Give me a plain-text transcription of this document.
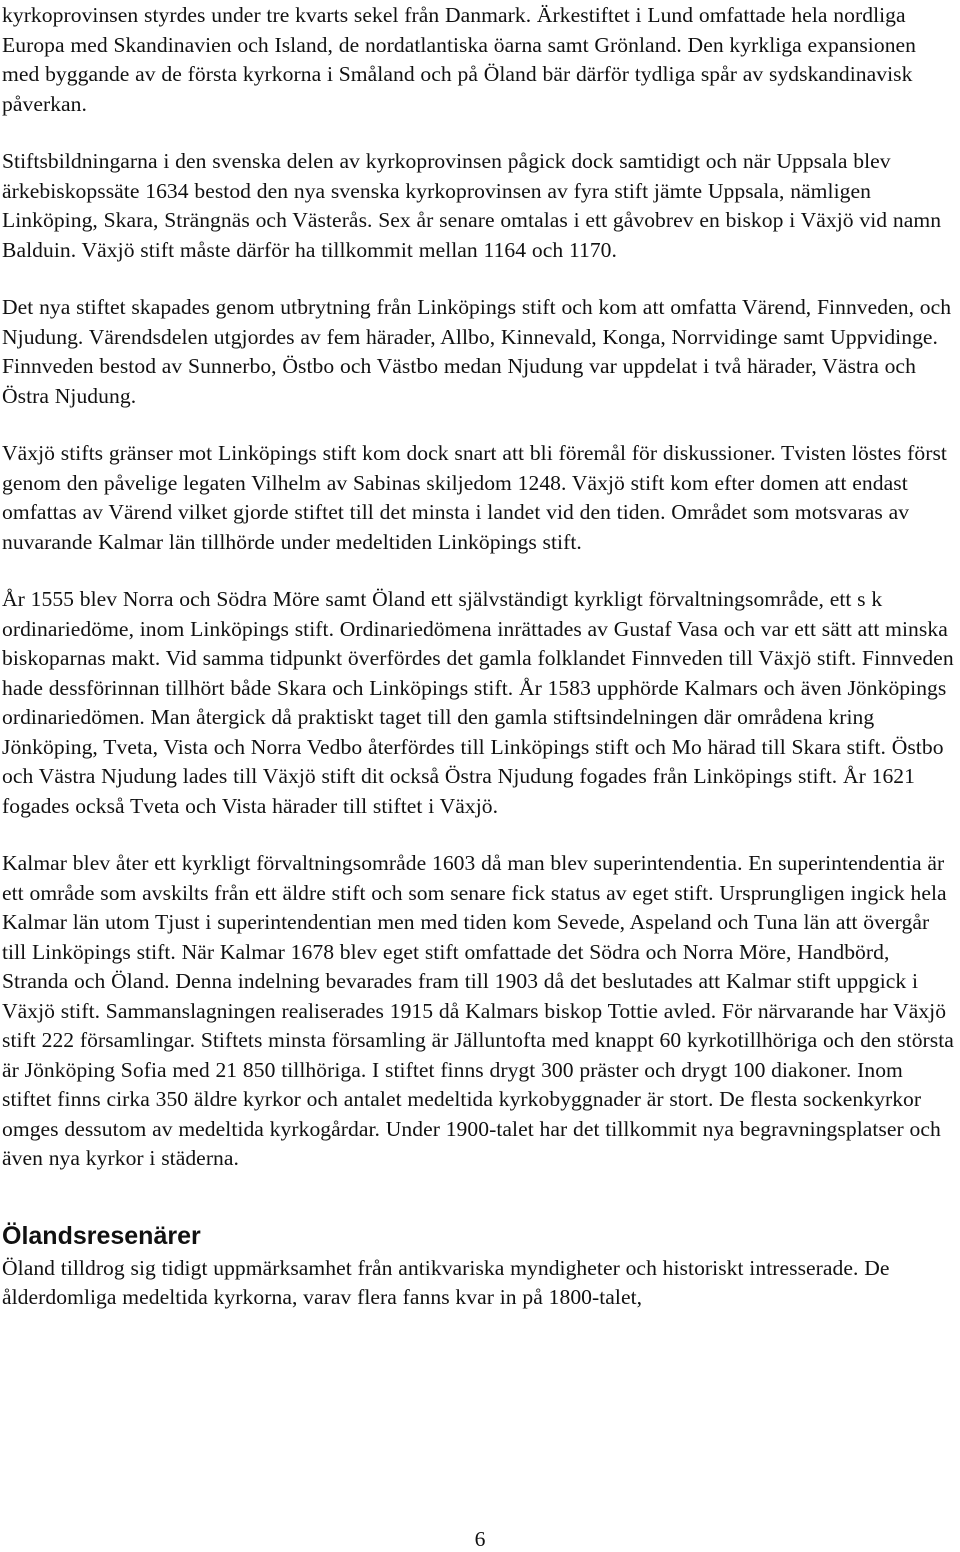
kyrkoprovinsen styrdes under tre kvarts sekel från Danmark. Ärkestiftet i Lund omfattade hela nordliga Europa med Skandinavien och Island, de nordatlantiska öarna samt Grönland. Den kyrkliga expansionen med byggande av de första kyrkorna i Småland och på Öland bär därför tydliga spår av sydskandinavisk påverkan.

Stiftsbildningarna i den svenska delen av kyrkoprovinsen pågick dock samtidigt och när Uppsala blev ärkebiskopssäte 1634 bestod den nya svenska kyrkoprovinsen av fyra stift jämte Uppsala, nämligen Linköping, Skara, Strängnäs och Västerås. Sex år senare omtalas i ett gåvobrev en biskop i Växjö vid namn Balduin. Växjö stift måste därför ha tillkommit mellan 1164 och 1170.

Det nya stiftet skapades genom utbrytning från Linköpings stift och kom att omfatta Värend, Finnveden, och Njudung. Värendsdelen utgjordes av fem härader, Allbo, Kinnevald, Konga, Norrvidinge samt Uppvidinge. Finnveden bestod av Sunnerbo, Östbo och Västbo medan Njudung var uppdelat i två härader, Västra och Östra Njudung.

Växjö stifts gränser mot Linköpings stift kom dock snart att bli föremål för diskussioner. Tvisten löstes först genom den påvelige legaten Vilhelm av Sabinas skiljedom 1248. Växjö stift kom efter domen att endast omfattas av Värend vilket gjorde stiftet till det minsta i landet vid den tiden. Området som motsvaras av nuvarande Kalmar län tillhörde under medeltiden Linköpings stift.

År 1555 blev Norra och Södra Möre samt Öland ett självständigt kyrkligt förvaltningsområde, ett s k ordinariedöme, inom Linköpings stift. Ordinariedömena inrättades av Gustaf Vasa och var ett sätt att minska biskoparnas makt. Vid samma tidpunkt överfördes det gamla folklandet Finnveden till Växjö stift. Finnveden hade dessförinnan tillhört både Skara och Linköpings stift. År 1583 upphörde Kalmars och även Jönköpings ordinariedömen. Man återgick då praktiskt taget till den gamla stiftsindelningen där områdena kring Jönköping, Tveta, Vista och Norra Vedbo återfördes till Linköpings stift och Mo härad till Skara stift. Östbo och Västra Njudung lades till Växjö stift dit också Östra Njudung fogades från Linköpings stift. År 1621 fogades också Tveta och Vista härader till stiftet i Växjö.

Kalmar blev åter ett kyrkligt förvaltningsområde 1603 då man blev superintendentia. En superintendentia är ett område som avskilts från ett äldre stift och som senare fick status av eget stift. Ursprungligen ingick hela Kalmar län utom Tjust i superintendentian men med tiden kom Sevede, Aspeland och Tuna län att övergår till Linköpings stift. När Kalmar 1678 blev eget stift omfattade det Södra och Norra Möre, Handbörd, Stranda och Öland. Denna indelning bevarades fram till 1903 då det beslutades att Kalmar stift uppgick i Växjö stift. Sammanslagningen realiserades 1915 då Kalmars biskop Tottie avled. För närvarande har Växjö stift 222 församlingar. Stiftets minsta församling är Jälluntofta med knappt 60 kyrkotillhöriga och den största är Jönköping Sofia med 21 850 tillhöriga. I stiftet finns drygt 300 präster och drygt 100 diakoner. Inom stiftet finns cirka 350 äldre kyrkor och antalet medeltida kyrkobyggnader är stort. De flesta sockenkyrkor omges dessutom av medeltida kyrkogårdar. Under 1900-talet har det tillkommit nya begravningsplatser och även nya kyrkor i städerna.

Ölandsresenärer

Öland tilldrog sig tidigt uppmärksamhet från antikvariska myndigheter och historiskt intresserade. De ålderdomliga medeltida kyrkorna, varav flera fanns kvar in på 1800-talet,

6
